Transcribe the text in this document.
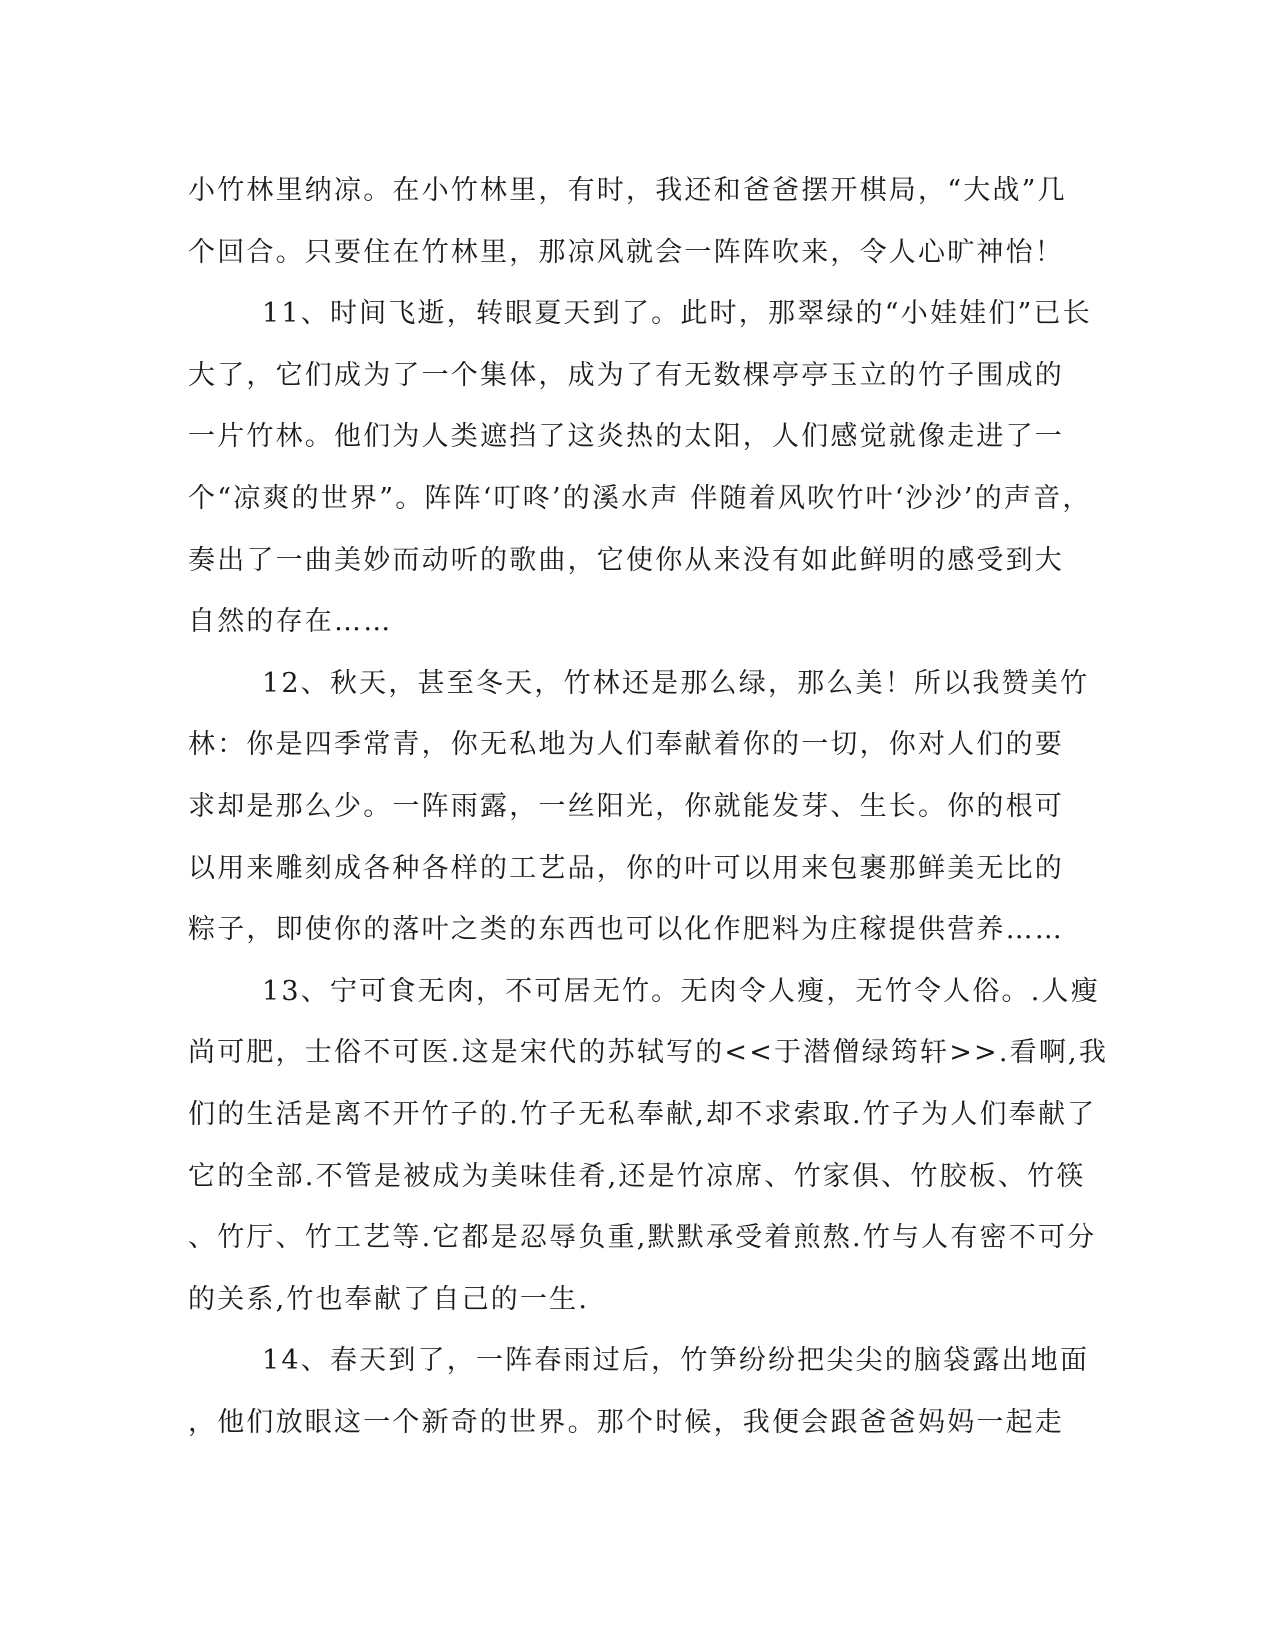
小竹林里纳凉。在小竹林里，有时，我还和爸爸摆开棋局，“大战”几
个回合。只要住在竹林里，那凉风就会一阵阵吹来，令人心旷神怡！
11、时间飞逝，转眼夏天到了。此时，那翠绿的“小娃娃们”已长
大了，它们成为了一个集体，成为了有无数棵亭亭玉立的竹子围成的
一片竹林。他们为人类遮挡了这炎热的太阳，人们感觉就像走进了一
个“凉爽的世界”。阵阵‘叮咚’的溪水声 伴随着风吹竹叶‘沙沙’的声音，
奏出了一曲美妙而动听的歌曲，它使你从来没有如此鲜明的感受到大
自然的存在……
12、秋天，甚至冬天，竹林还是那么绿，那么美！所以我赞美竹
林：你是四季常青，你无私地为人们奉献着你的一切，你对人们的要
求却是那么少。一阵雨露，一丝阳光，你就能发芽、生长。你的根可
以用来雕刻成各种各样的工艺品，你的叶可以用来包裹那鲜美无比的
粽子，即使你的落叶之类的东西也可以化作肥料为庄稼提供营养……
13、宁可食无肉，不可居无竹。无肉令人瘦，无竹令人俗。.人瘦
尚可肥，士俗不可医.这是宋代的苏轼写的<<于潜僧绿筠轩>>.看啊,我
们的生活是离不开竹子的.竹子无私奉献,却不求索取.竹子为人们奉献了
它的全部.不管是被成为美味佳肴,还是竹凉席、竹家俱、竹胶板、竹筷
、竹厅、竹工艺等.它都是忍辱负重,默默承受着煎熬.竹与人有密不可分
的关系,竹也奉献了自己的一生.
14、春天到了，一阵春雨过后，竹笋纷纷把尖尖的脑袋露出地面
，他们放眼这一个新奇的世界。那个时候，我便会跟爸爸妈妈一起走
